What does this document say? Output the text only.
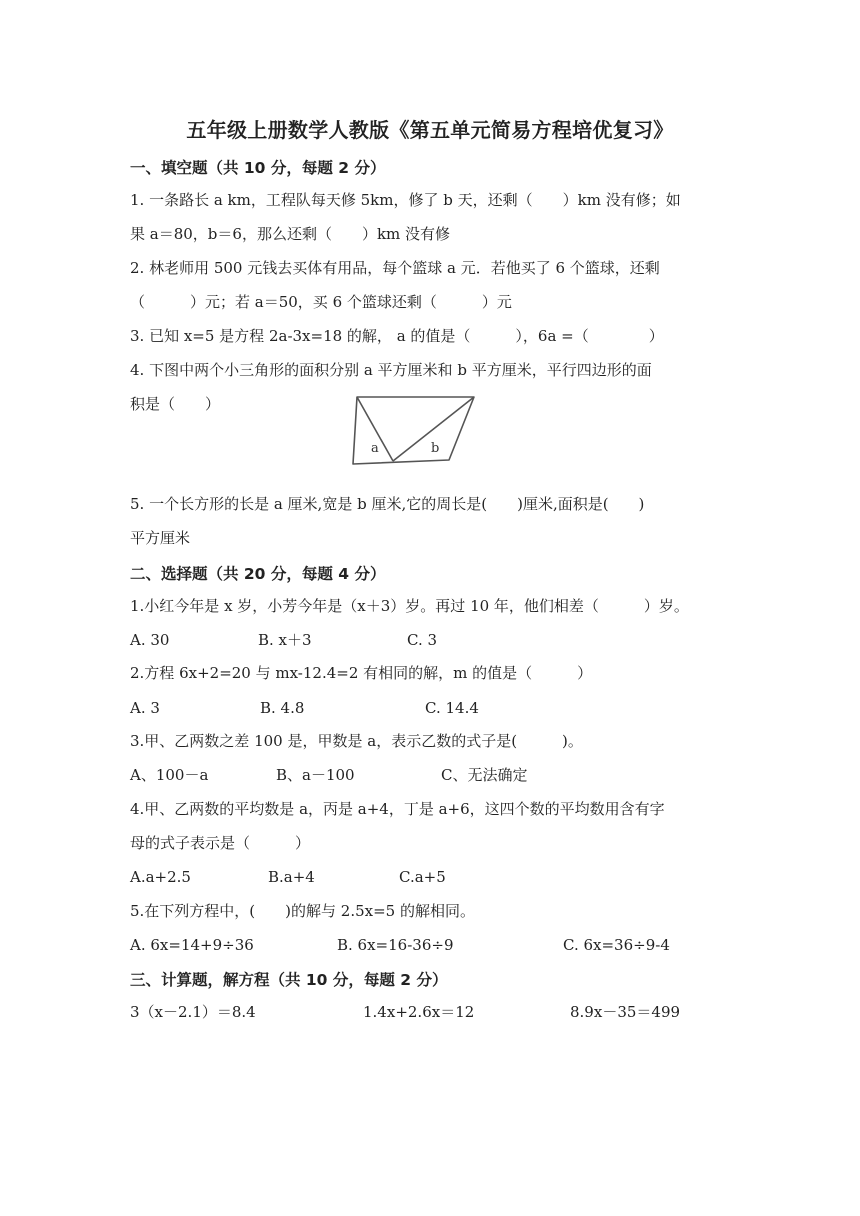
五年级上册数学人教版《第五单元简易方程培优复习》
一、填空题（共 10 分，每题 2 分）
1. 一条路长 a km，工程队每天修 5km，修了 b 天，还剩（　　）km 没有修；如
果 a＝80，b＝6，那么还剩（　　）km 没有修
2. 林老师用 500 元钱去买体有用品，每个篮球 a 元．若他买了 6 个篮球，还剩
（　　　）元；若 a＝50，买 6 个篮球还剩（　　　）元
3. 已知 x=5 是方程 2a-3x=18 的解， a 的值是（　　　），6a =（　　　　）
4. 下图中两个小三角形的面积分别 a 平方厘米和 b 平方厘米，平行四边形的面
积是（　　）
a	b
5. 一个长方形的长是 a 厘米,宽是 b 厘米,它的周长是(　　)厘米,面积是(　　)
平方厘米
二、选择题（共 20 分，每题 4 分）
1.小红今年是 x 岁，小芳今年是（x＋3）岁。再过 10 年，他们相差（　　　）岁。
A. 30	B. x＋3	C. 3
2.方程 6x+2=20 与 mx-12.4=2 有相同的解，m 的值是（　　　）
A. 3	B. 4.8	C. 14.4
3.甲、乙两数之差 100 是，甲数是 a，表示乙数的式子是(　　　)。
A、100－a	B、a－100	C、无法确定
4.甲、乙两数的平均数是 a，丙是 a+4，丁是 a+6，这四个数的平均数用含有字
母的式子表示是（　　　）
A.a+2.5	B.a+4	C.a+5
5.在下列方程中，(　　)的解与 2.5x=5 的解相同。
A. 6x=14+9÷36	B. 6x=16-36÷9	C. 6x=36÷9-4
三、计算题，解方程（共 10 分，每题 2 分）
3（x－2.1）＝8.4	1.4x+2.6x＝12	8.9x－35＝499
